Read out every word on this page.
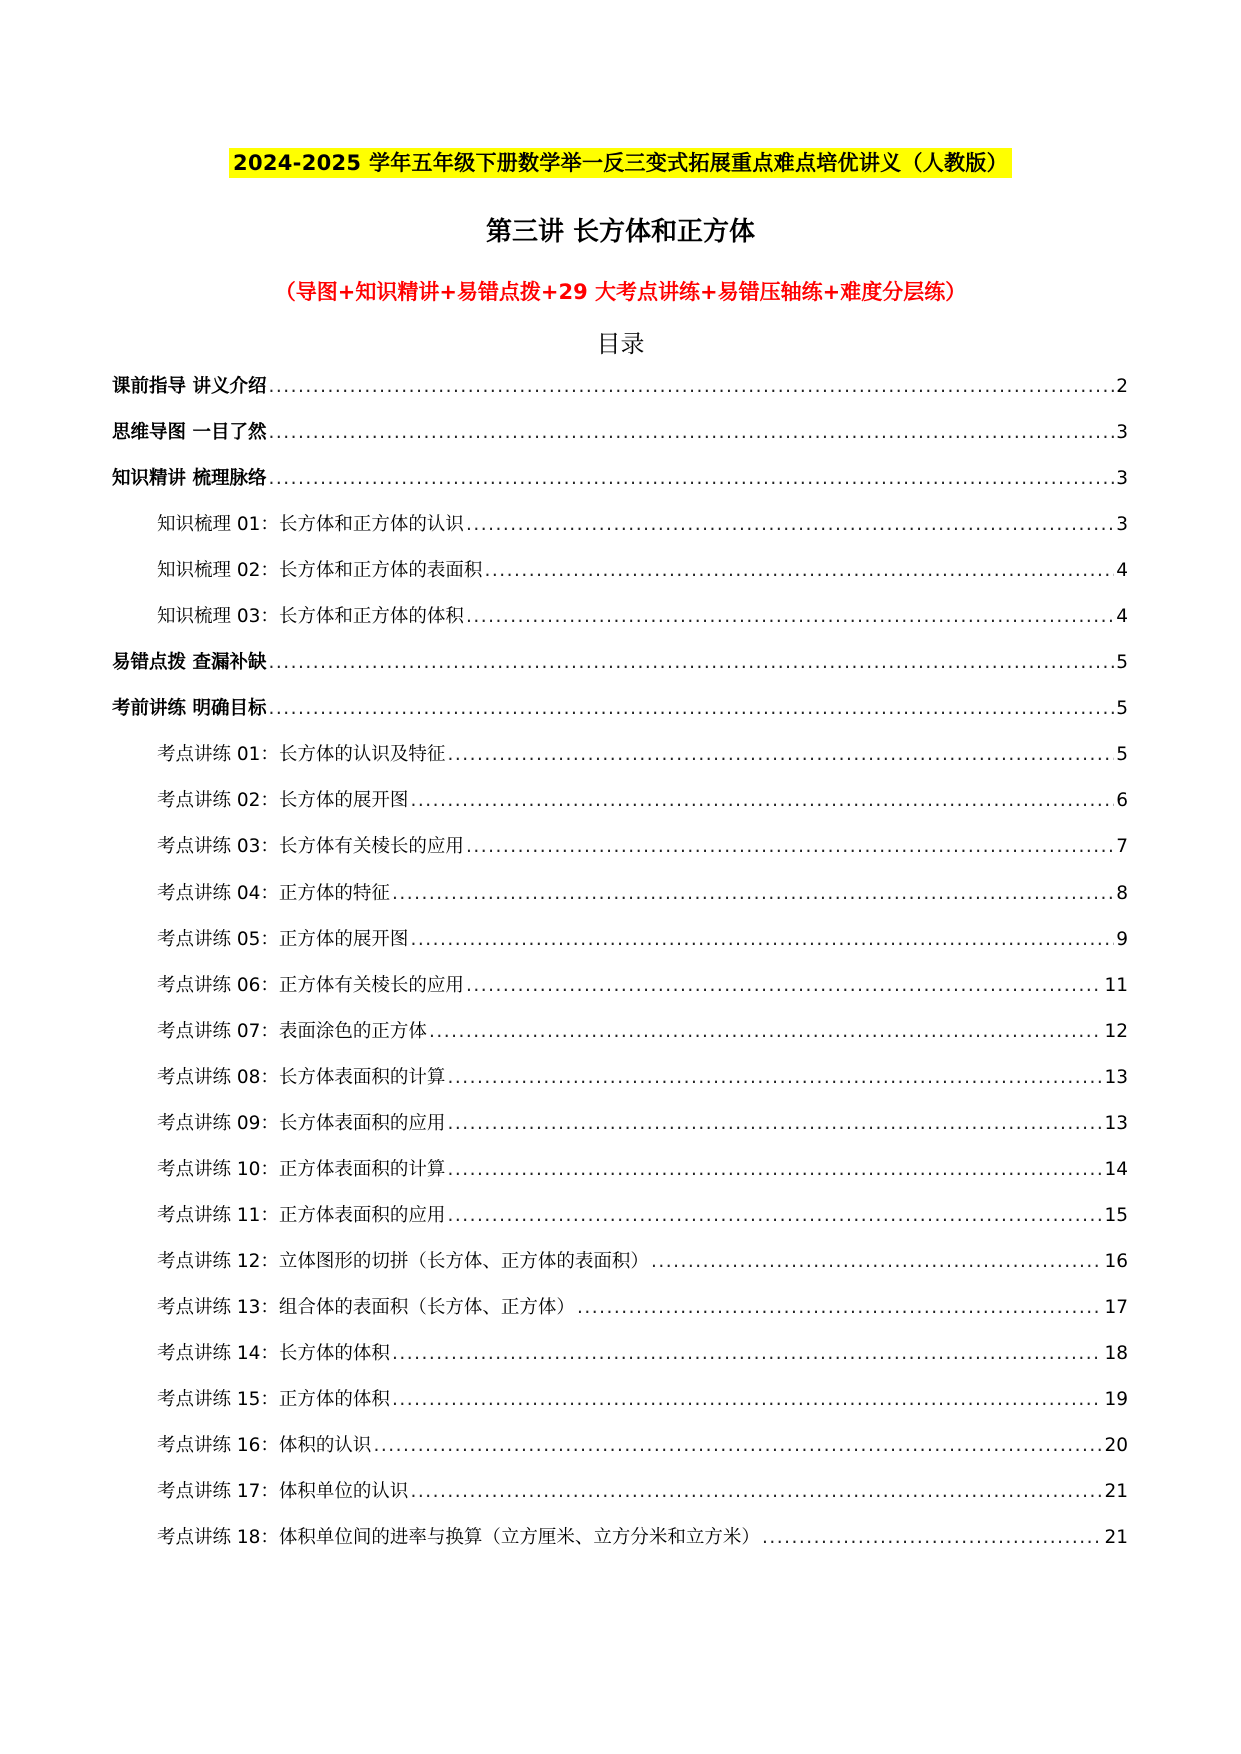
2024-2025 学年五年级下册数学举一反三变式拓展重点难点培优讲义（人教版）
第三讲 长方体和正方体
（导图+知识精讲+易错点拨+29 大考点讲练+易错压轴练+难度分层练）
目录
课前指导 讲义介绍 .....	2
思维导图 一目了然 .....	3
知识精讲 梳理脉络 .....	3
知识梳理 01：长方体和正方体的认识 .....	3
知识梳理 02：长方体和正方体的表面积 .....	4
知识梳理 03：长方体和正方体的体积 .....	4
易错点拨 查漏补缺 .....	5
考前讲练 明确目标 .....	5
考点讲练 01：长方体的认识及特征 .....	5
考点讲练 02：长方体的展开图 .....	6
考点讲练 03：长方体有关棱长的应用 .....	7
考点讲练 04：正方体的特征 .....	8
考点讲练 05：正方体的展开图 .....	9
考点讲练 06：正方体有关棱长的应用 .....	11
考点讲练 07：表面涂色的正方体 .....	12
考点讲练 08：长方体表面积的计算 .....	13
考点讲练 09：长方体表面积的应用 .....	13
考点讲练 10：正方体表面积的计算 .....	14
考点讲练 11：正方体表面积的应用 .....	15
考点讲练 12：立体图形的切拼（长方体、正方体的表面积） .....	16
考点讲练 13：组合体的表面积（长方体、正方体） .....	17
考点讲练 14：长方体的体积 .....	18
考点讲练 15：正方体的体积 .....	19
考点讲练 16：体积的认识 .....	20
考点讲练 17：体积单位的认识 .....	21
考点讲练 18：体积单位间的进率与换算（立方厘米、立方分米和立方米） .....	21
